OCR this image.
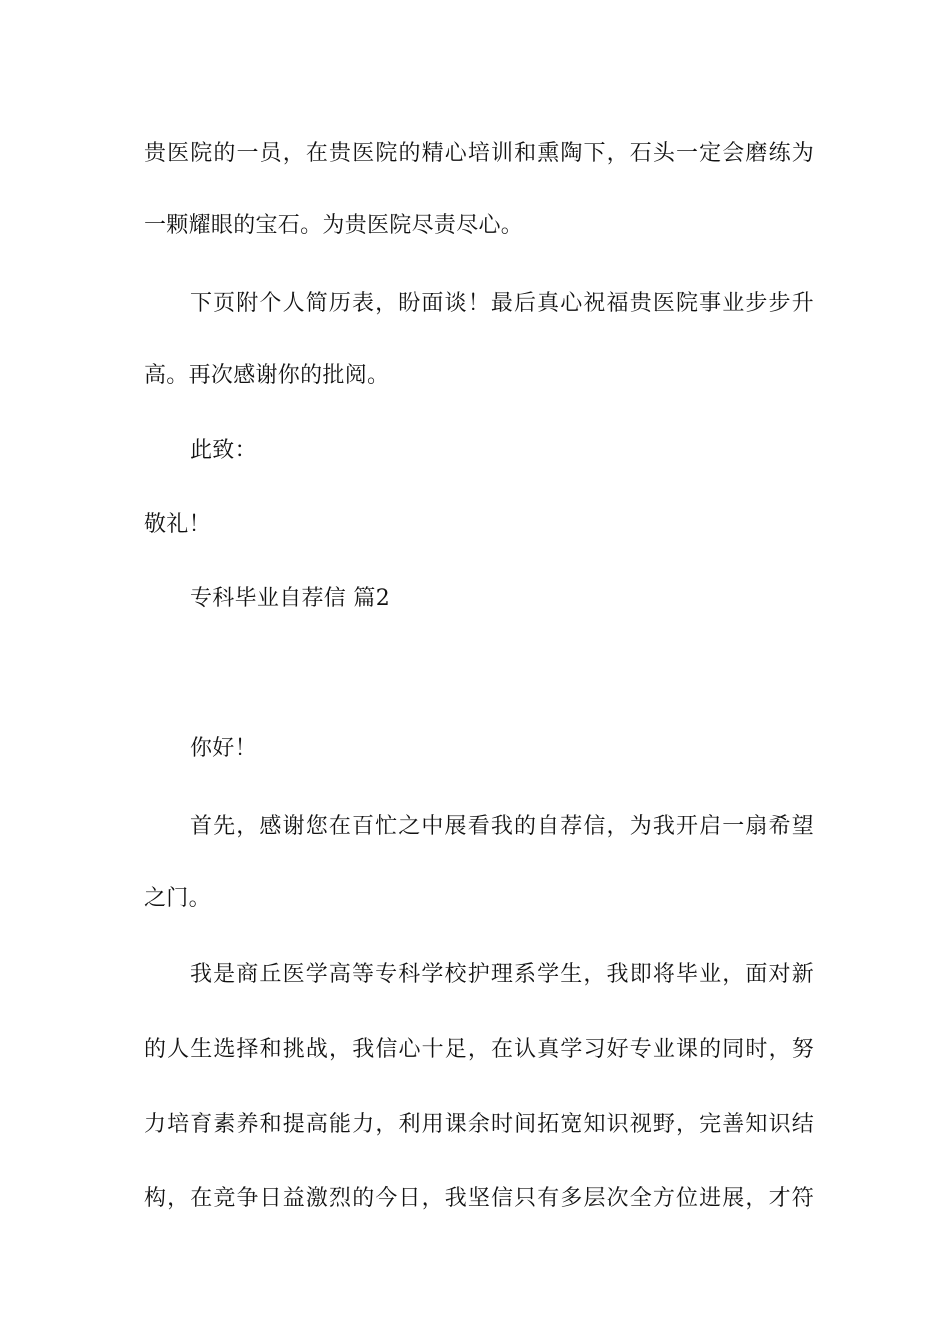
贵医院的一员，在贵医院的精心培训和熏陶下，石头一定会磨练为
一颗耀眼的宝石。为贵医院尽责尽心。
下页附个人简历表，盼面谈！最后真心祝福贵医院事业步步升
高。再次感谢你的批阅。
此致：
敬礼！
专科毕业自荐信 篇2
你好！
首先，感谢您在百忙之中展看我的自荐信，为我开启一扇希望
之门。
我是商丘医学高等专科学校护理系学生，我即将毕业，面对新
的人生选择和挑战，我信心十足，在认真学习好专业课的同时，努
力培育素养和提高能力，利用课余时间拓宽知识视野，完善知识结
构，在竞争日益激烈的今日，我坚信只有多层次全方位进展，才符
